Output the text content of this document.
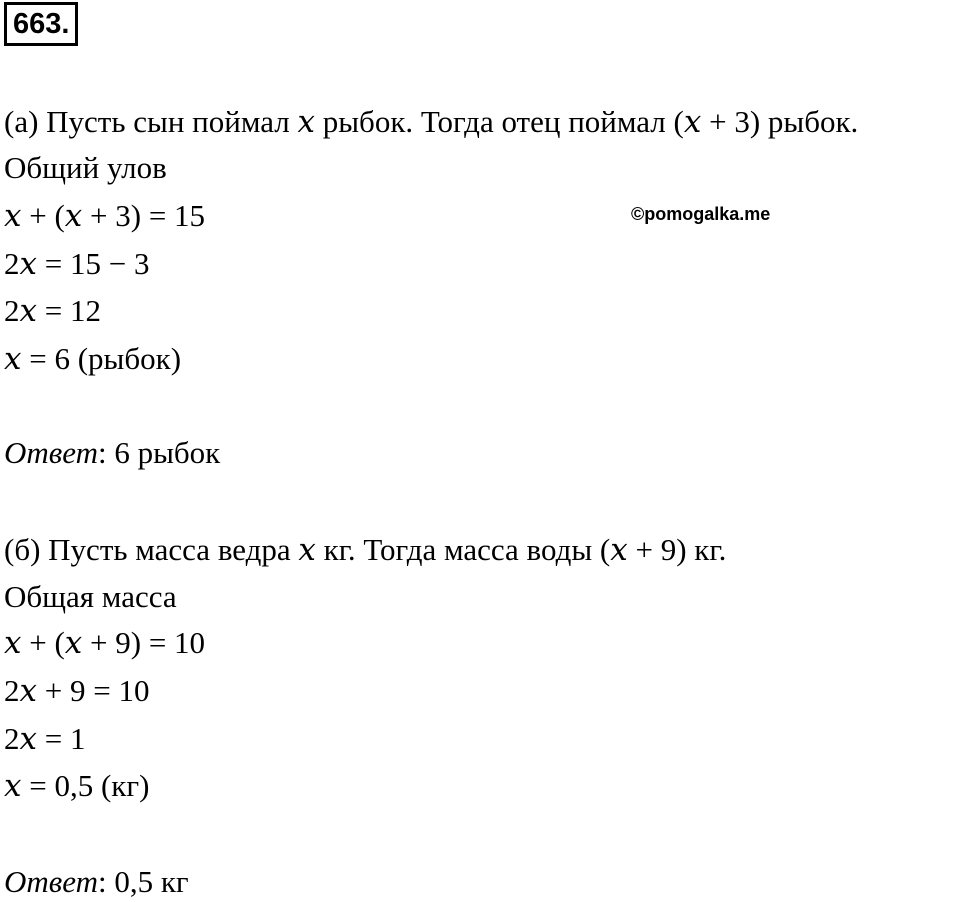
663.
©pomogalka.me
(а) Пусть сын поймал 𝑥 рыбок. Тогда отец поймал (𝑥 + 3) рыбок.
Общий улов
𝑥 + (𝑥 + 3) = 15
2𝑥 = 15 − 3
2𝑥 = 12
𝑥 = 6 (рыбок)
Ответ: 6 рыбок
(б) Пусть масса ведра 𝑥 кг. Тогда масса воды (𝑥 + 9) кг.
Общая масса
𝑥 + (𝑥 + 9) = 10
2𝑥 + 9 = 10
2𝑥 = 1
𝑥 = 0,5 (кг)
Ответ: 0,5 кг
